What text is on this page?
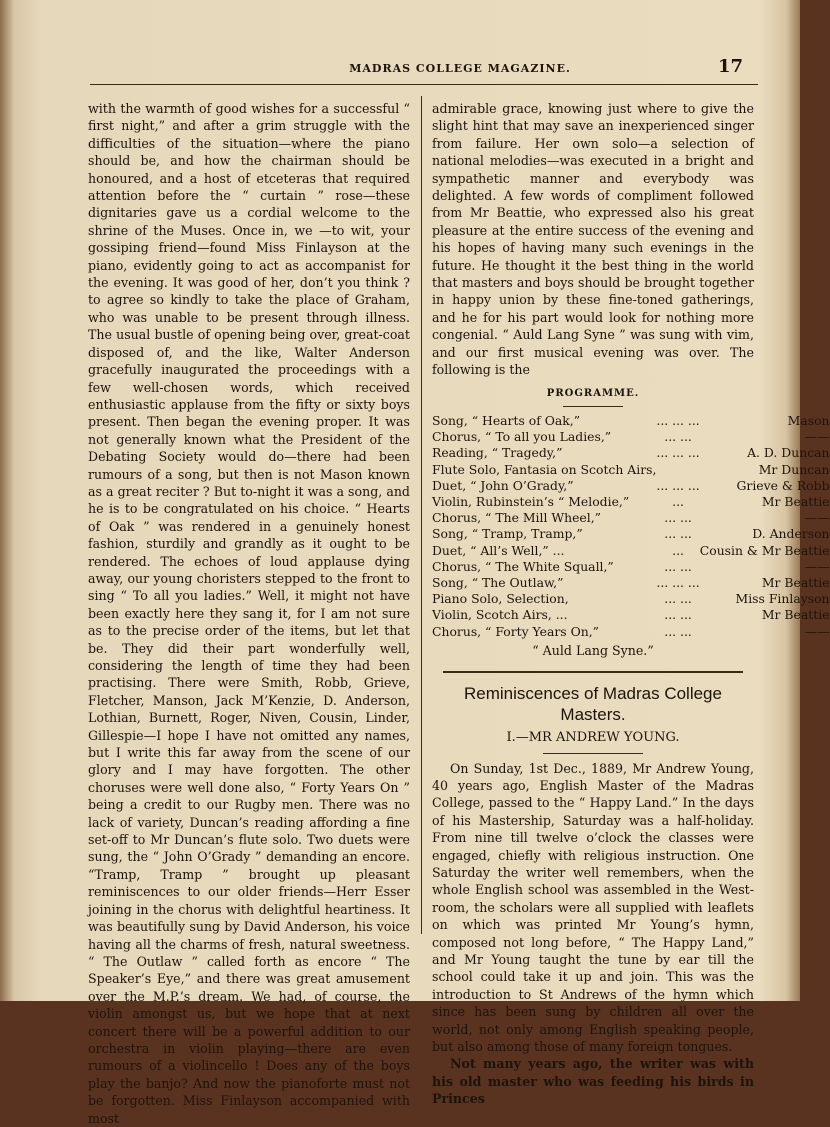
MADRAS COLLEGE MAGAZINE.	17

with the warmth of good wishes for a successful “ first night,” and after a grim struggle with the difficulties of the situation—where the piano should be, and how the chairman should be honoured, and a host of etceteras that required attention before the “ curtain ” rose—these dignitaries gave us a cordial welcome to the shrine of the Muses. Once in, we —to wit, your gossiping friend—found Miss Finlayson at the piano, evidently going to act as accompanist for the evening. It was good of her, don’t you think ? to agree so kindly to take the place of Graham, who was unable to be present through illness. The usual bustle of opening being over, great-coat disposed of, and the like, Walter Anderson gracefully inaugurated the proceedings with a few well-chosen words, which received enthusiastic applause from the fifty or sixty boys present. Then began the evening proper. It was not generally known what the President of the Debating Society would do—there had been rumours of a song, but then is not Mason known as a great reciter ? But to-night it was a song, and he is to be congratulated on his choice. “ Hearts of Oak ” was rendered in a genuinely honest fashion, sturdily and grandly as it ought to be rendered. The echoes of loud applause dying away, our young choristers stepped to the front to sing “ To all you ladies.” Well, it might not have been exactly here they sang it, for I am not sure as to the precise order of the items, but let that be. They did their part wonderfully well, considering the length of time they had been practising. There were Smith, Robb, Grieve, Fletcher, Manson, Jack M’Kenzie, D. Anderson, Lothian, Burnett, Roger, Niven, Cousin, Linder, Gillespie—I hope I have not omitted any names, but I write this far away from the scene of our glory and I may have forgotten. The other choruses were well done also, “ Forty Years On ” being a credit to our Rugby men. There was no lack of variety, Duncan’s reading affording a fine set-off to Mr Duncan’s flute solo. Two duets were sung, the “ John O’Grady ” demanding an encore. “Tramp, Tramp ” brought up pleasant reminiscences to our older friends—Herr Esser joining in the chorus with delightful heartiness. It was beautifully sung by David Anderson, his voice having all the charms of fresh, natural sweetness. “ The Outlaw ” called forth as encore “ The Speaker’s Eye,” and there was great amusement over the M.P.’s dream. We had, of course, the violin amongst us, but we hope that at next concert there will be a powerful addition to our orchestra in violin playing—there are even rumours of a violincello ! Does any of the boys play the banjo? And now the pianoforte must not be forgotten. Miss Finlayson accompanied with most

admirable grace, knowing just where to give the slight hint that may save an inexperienced singer from failure. Her own solo—a selection of national melodies—was executed in a bright and sympathetic manner and everybody was delighted. A few words of compliment followed from Mr Beattie, who expressed also his great pleasure at the entire success of the evening and his hopes of having many such evenings in the future. He thought it the best thing in the world that masters and boys should be brought together in happy union by these fine-toned gatherings, and he for his part would look for nothing more congenial. “ Auld Lang Syne ” was sung with vim, and our first musical evening was over. The following is the

PROGRAMME.
Song, “ Hearts of Oak,”	... ... ...	Mason
Chorus, “ To all you Ladies,”	... ...	——
Reading, “ Tragedy,”	... ... ...	A. D. Duncan
Flute Solo, Fantasia on Scotch Airs,		Mr Duncan
Duet, “ John O’Grady,”	... ... ...	Grieve & Robb
Violin, Rubinstein’s “ Melodie,”	...	Mr Beattie
Chorus, “ The Mill Wheel,”	... ...	——
Song, “ Tramp, Tramp,”	... ...	D. Anderson
Duet, “ All’s Well,” ...	...	Cousin & Mr Beattie
Chorus, “ The White Squall,”	... ...	——
Song, “ The Outlaw,”	... ... ...	Mr Beattie
Piano Solo, Selection,	... ...	Miss Finlayson
Violin, Scotch Airs, ...	... ...	Mr Beattie
Chorus, “ Forty Years On,”	... ...	——
“ Auld Lang Syne.”
Reminiscences of Madras College Masters.
I.—MR ANDREW YOUNG.

On Sunday, 1st Dec., 1889, Mr Andrew Young, 40 years ago, English Master of the Madras College, passed to the “ Happy Land.” In the days of his Mastership, Saturday was a half-holiday. From nine till twelve o’clock the classes were engaged, chiefly with religious instruction. One Saturday the writer well remembers, when the whole English school was assembled in the West-room, the scholars were all supplied with leaflets on which was printed Mr Young’s hymn, composed not long before, “ The Happy Land,” and Mr Young taught the tune by ear till the school could take it up and join. This was the introduction to St Andrews of the hymn which since has been sung by children all over the world, not only among English speaking people, but also among those of many foreign tongues.

Not many years ago, the writer was with his old master who was feeding his birds in Princes
